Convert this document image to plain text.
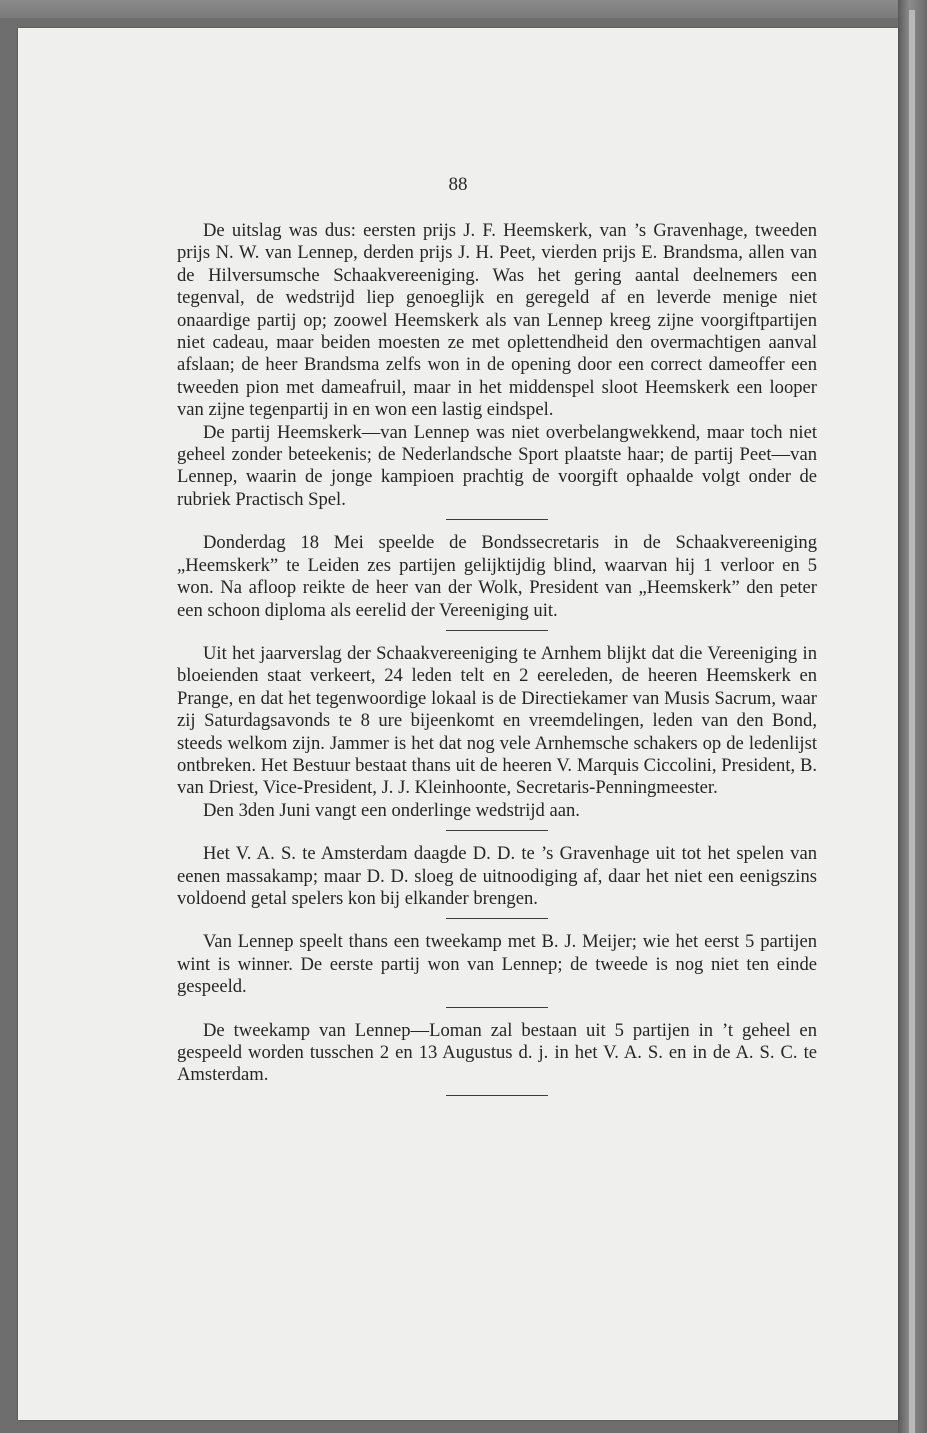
88

De uitslag was dus: eersten prijs J. F. Heemskerk, van ’s Gravenhage, tweeden prijs N. W. van Lennep, derden prijs J. H. Peet, vierden prijs E. Brandsma, allen van de Hilversumsche Schaakvereeniging. Was het gering aantal deelnemers een tegenval, de wedstrijd liep genoeglijk en geregeld af en leverde menige niet onaardige partij op; zoowel Heemskerk als van Lennep kreeg zijne voorgiftpartijen niet cadeau, maar beiden moesten ze met oplettendheid den overmachtigen aanval afslaan; de heer Brandsma zelfs won in de opening door een correct dameoffer een tweeden pion met dameafruil, maar in het middenspel sloot Heemskerk een looper van zijne tegenpartij in en won een lastig eindspel.

De partij Heemskerk—van Lennep was niet overbelangwekkend, maar toch niet geheel zonder beteekenis; de Nederlandsche Sport plaatste haar; de partij Peet—van Lennep, waarin de jonge kampioen prachtig de voorgift ophaalde volgt onder de rubriek Practisch Spel.

Donderdag 18 Mei speelde de Bondssecretaris in de Schaakvereeniging „Heemskerk” te Leiden zes partijen gelijktijdig blind, waarvan hij 1 verloor en 5 won. Na afloop reikte de heer van der Wolk, President van „Heemskerk” den peter een schoon diploma als eerelid der Vereeniging uit.

Uit het jaarverslag der Schaakvereeniging te Arnhem blijkt dat die Vereeniging in bloeienden staat verkeert, 24 leden telt en 2 eereleden, de heeren Heemskerk en Prange, en dat het tegenwoordige lokaal is de Directiekamer van Musis Sacrum, waar zij Saturdagsavonds te 8 ure bijeenkomt en vreemdelingen, leden van den Bond, steeds welkom zijn. Jammer is het dat nog vele Arnhemsche schakers op de ledenlijst ontbreken. Het Bestuur bestaat thans uit de heeren V. Marquis Ciccolini, President, B. van Driest, Vice-President, J. J. Kleinhoonte, Secretaris-Penningmeester.

Den 3den Juni vangt een onderlinge wedstrijd aan.

Het V. A. S. te Amsterdam daagde D. D. te ’s Gravenhage uit tot het spelen van eenen massakamp; maar D. D. sloeg de uitnoodiging af, daar het niet een eenigszins voldoend getal spelers kon bij elkander brengen.

Van Lennep speelt thans een tweekamp met B. J. Meijer; wie het eerst 5 partijen wint is winner. De eerste partij won van Lennep; de tweede is nog niet ten einde gespeeld.

De tweekamp van Lennep—Loman zal bestaan uit 5 partijen in ’t geheel en gespeeld worden tusschen 2 en 13 Augustus d. j. in het V. A. S. en in de A. S. C. te Amsterdam.
